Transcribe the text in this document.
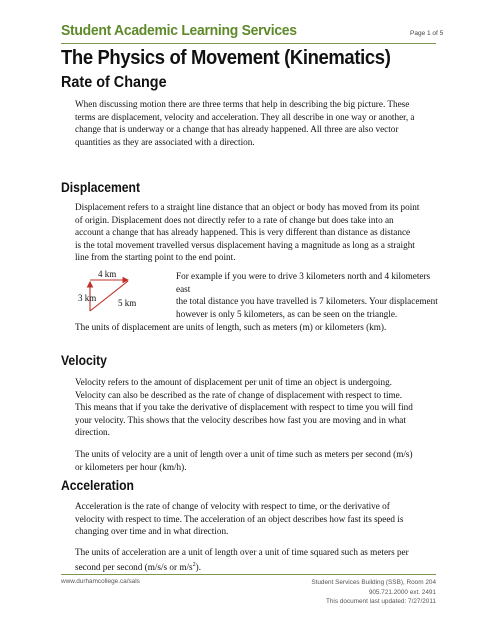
Student Academic Learning Services	Page 1 of 5
The Physics of Movement (Kinematics)
Rate of Change
When discussing motion there are three terms that help in describing the big picture. These
terms are displacement, velocity and acceleration. They all describe in one way or another, a
change that is underway or a change that has already happened. All three are also vector
quantities as they are associated with a direction.
Displacement
Displacement refers to a straight line distance that an object or body has moved from its point
of origin. Displacement does not directly refer to a rate of change but does take into an
account a change that has already happened. This is very different than distance as distance
is the total movement travelled versus displacement having a magnitude as long as a straight
line from the starting point to the end point.
4 km
3 km 5 km
For example if you were to drive 3 kilometers north and 4 kilometers east
the total distance you have travelled is 7 kilometers. Your displacement
however is only 5 kilometers, as can be seen on the triangle.
The units of displacement are units of length, such as meters (m) or kilometers (km).
Velocity
Velocity refers to the amount of displacement per unit of time an object is undergoing.
Velocity can also be described as the rate of change of displacement with respect to time.
This means that if you take the derivative of displacement with respect to time you will find
your velocity. This shows that the velocity describes how fast you are moving and in what
direction.
The units of velocity are a unit of length over a unit of time such as meters per second (m/s)
or kilometers per hour (km/h).
Acceleration
Acceleration is the rate of change of velocity with respect to time, or the derivative of
velocity with respect to time. The acceleration of an object describes how fast its speed is
changing over time and in what direction.
The units of acceleration are a unit of length over a unit of time squared such as meters per
second per second (m/s/s or $m/s^2$).
www.durhamcollege.ca/sals	Student Services Building (SSB), Room 204
905.721.2000 ext. 2491
This document last updated: 7/27/2011
